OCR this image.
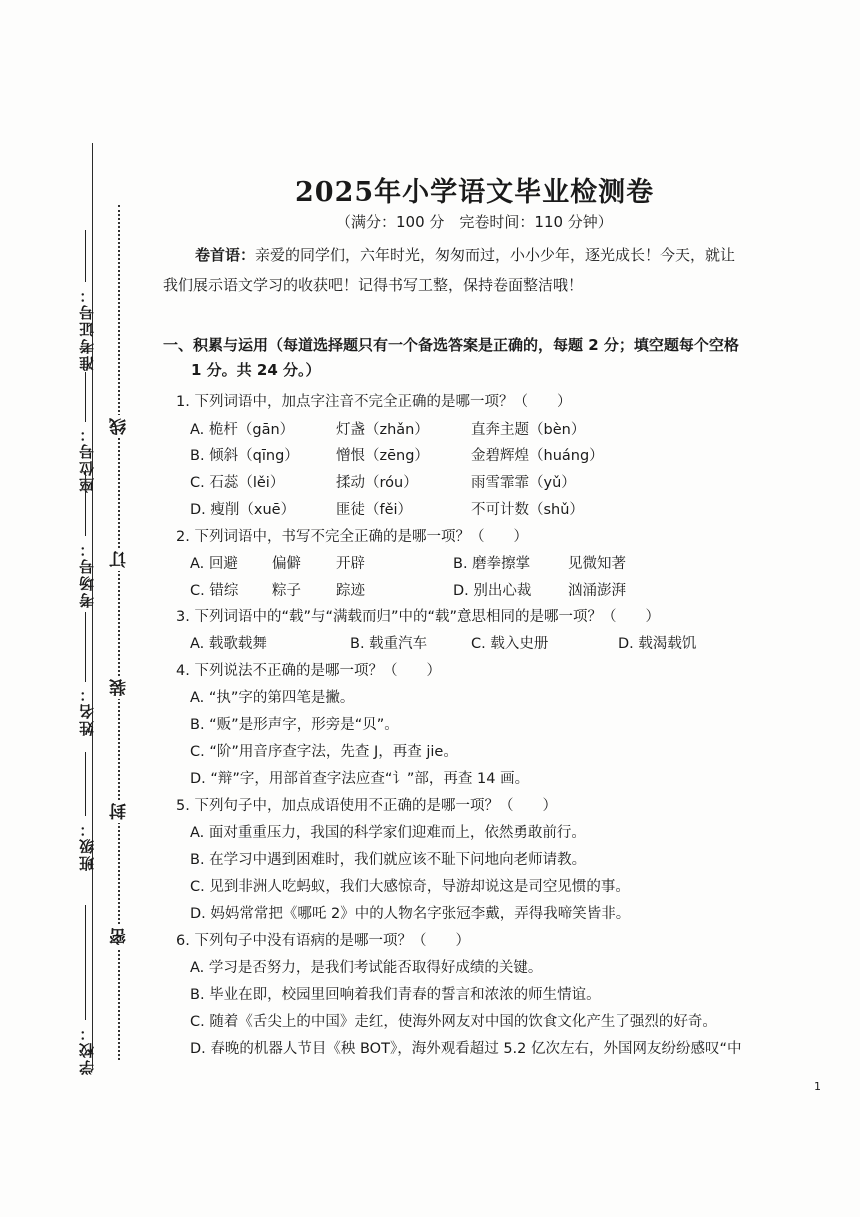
准考证号：
座位号：
考场号：
姓名：
班级：
学校：
线
订
装
封
密
2025年小学语文毕业检测卷
（满分：100 分　完卷时间：110 分钟）
卷首语：亲爱的同学们，六年时光，匆匆而过，小小少年，逐光成长！今天，就让
我们展示语文学习的收获吧！记得书写工整，保持卷面整洁哦！
一、积累与运用（每道选择题只有一个备选答案是正确的，每题 2 分；填空题每个空格
1 分。共 24 分。）
1. 下列词语中，加点字注音不完全正确的是哪一项？（　　）
A. 桅杆（gān）	灯盏（zhǎn）	直奔主题（bèn）
B. 倾斜（qīng）	憎恨（zēng）	金碧辉煌（huáng）
C. 石蕊（lěi）	揉动（róu）	雨雪霏霏（yǔ）
D. 瘦削（xuē）	匪徒（fěi）	不可计数（shǔ）
2. 下列词语中，书写不完全正确的是哪一项？（　　）
A. 回避 偏僻 开辟	B. 磨拳擦掌	见微知著
C. 错综 粽子 踪迹	D. 别出心裁	汹涌澎湃
3. 下列词语中的“载”与“满载而归”中的“载”意思相同的是哪一项？（　　）
A. 载歌载舞	B. 载重汽车	C. 载入史册	D. 载渴载饥
4. 下列说法不正确的是哪一项？（　　）
A. “执”字的第四笔是撇。
B. “贩”是形声字，形旁是“贝”。
C. “阶”用音序查字法，先查 J，再查 jie。
D. “辩”字，用部首查字法应查“讠”部，再查 14 画。
5. 下列句子中，加点成语使用不正确的是哪一项？（　　）
A. 面对重重压力，我国的科学家们迎难而上，依然勇敢前行。
B. 在学习中遇到困难时，我们就应该不耻下问地向老师请教。
C. 见到非洲人吃蚂蚁，我们大感惊奇，导游却说这是司空见惯的事。
D. 妈妈常常把《哪吒 2》中的人物名字张冠李戴，弄得我啼笑皆非。
6. 下列句子中没有语病的是哪一项？（　　）
A. 学习是否努力，是我们考试能否取得好成绩的关键。
B. 毕业在即，校园里回响着我们青春的誓言和浓浓的师生情谊。
C. 随着《舌尖上的中国》走红，使海外网友对中国的饮食文化产生了强烈的好奇。
D. 春晚的机器人节目《秧 BOT》，海外观看超过 5.2 亿次左右，外国网友纷纷感叹“中
1
